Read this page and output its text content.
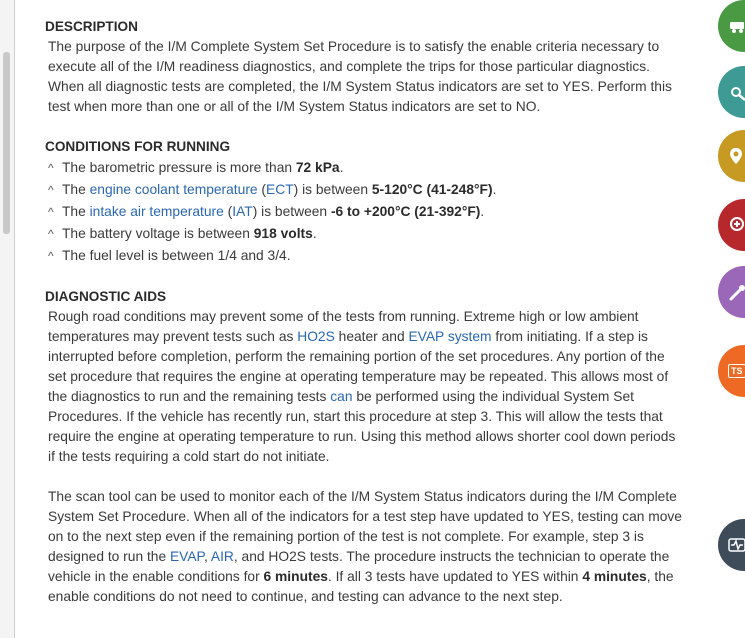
DESCRIPTION

The purpose of the I/M Complete System Set Procedure is to satisfy the enable criteria necessary to execute all of the I/M readiness diagnostics, and complete the trips for those particular diagnostics. When all diagnostic tests are completed, the I/M System Status indicators are set to YES. Perform this test when more than one or all of the I/M System Status indicators are set to NO.

CONDITIONS FOR RUNNING

^ The barometric pressure is more than 72 kPa.
^ The engine coolant temperature (ECT) is between 5-120°C (41-248°F).
^ The intake air temperature (IAT) is between -6 to +200°C (21-392°F).
^ The battery voltage is between 918 volts.
^ The fuel level is between 1/4 and 3/4.

DIAGNOSTIC AIDS

Rough road conditions may prevent some of the tests from running. Extreme high or low ambient temperatures may prevent tests such as HO2S heater and EVAP system from initiating. If a step is interrupted before completion, perform the remaining portion of the set procedures. Any portion of the set procedure that requires the engine at operating temperature may be repeated. This allows most of the diagnostics to run and the remaining tests can be performed using the individual System Set Procedures. If the vehicle has recently run, start this procedure at step 3. This will allow the tests that require the engine at operating temperature to run. Using this method allows shorter cool down periods if the tests requiring a cold start do not initiate.

The scan tool can be used to monitor each of the I/M System Status indicators during the I/M Complete System Set Procedure. When all of the indicators for a test step have updated to YES, testing can move on to the next step even if the remaining portion of the test is not complete. For example, step 3 is designed to run the EVAP, AIR, and HO2S tests. The procedure instructs the technician to operate the vehicle in the enable conditions for 6 minutes. If all 3 tests have updated to YES within 4 minutes, the enable conditions do not need to continue, and testing can advance to the next step.

TS
